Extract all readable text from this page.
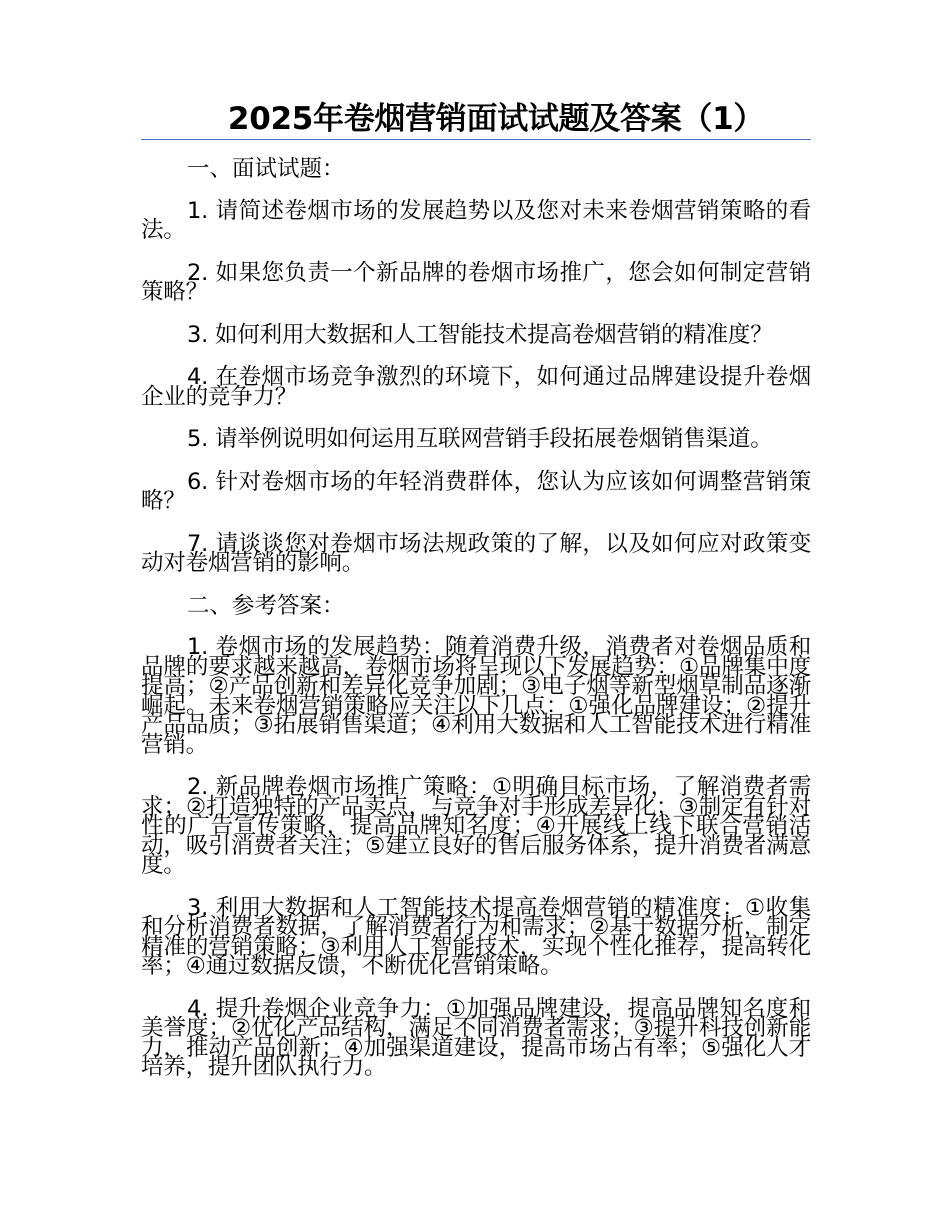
2025年卷烟营销面试试题及答案（1）

一、面试试题：

1. 请简述卷烟市场的发展趋势以及您对未来卷烟营销策略的看法。

2. 如果您负责一个新品牌的卷烟市场推广，您会如何制定营销策略？

3. 如何利用大数据和人工智能技术提高卷烟营销的精准度？

4. 在卷烟市场竞争激烈的环境下，如何通过品牌建设提升卷烟企业的竞争力？

5. 请举例说明如何运用互联网营销手段拓展卷烟销售渠道。

6. 针对卷烟市场的年轻消费群体，您认为应该如何调整营销策略？

7. 请谈谈您对卷烟市场法规政策的了解，以及如何应对政策变动对卷烟营销的影响。

二、参考答案：

1. 卷烟市场的发展趋势：随着消费升级，消费者对卷烟品质和品牌的要求越来越高，卷烟市场将呈现以下发展趋势：①品牌集中度提高；②产品创新和差异化竞争加剧；③电子烟等新型烟草制品逐渐崛起。未来卷烟营销策略应关注以下几点：①强化品牌建设；②提升产品品质；③拓展销售渠道；④利用大数据和人工智能技术进行精准营销。

2. 新品牌卷烟市场推广策略：①明确目标市场，了解消费者需求；②打造独特的产品卖点，与竞争对手形成差异化；③制定有针对性的广告宣传策略，提高品牌知名度；④开展线上线下联合营销活动，吸引消费者关注；⑤建立良好的售后服务体系，提升消费者满意度。

3. 利用大数据和人工智能技术提高卷烟营销的精准度：①收集和分析消费者数据，了解消费者行为和需求；②基于数据分析，制定精准的营销策略；③利用人工智能技术，实现个性化推荐，提高转化率；④通过数据反馈，不断优化营销策略。

4. 提升卷烟企业竞争力：①加强品牌建设，提高品牌知名度和美誉度；②优化产品结构，满足不同消费者需求；③提升科技创新能力，推动产品创新；④加强渠道建设，提高市场占有率；⑤强化人才培养，提升团队执行力。
